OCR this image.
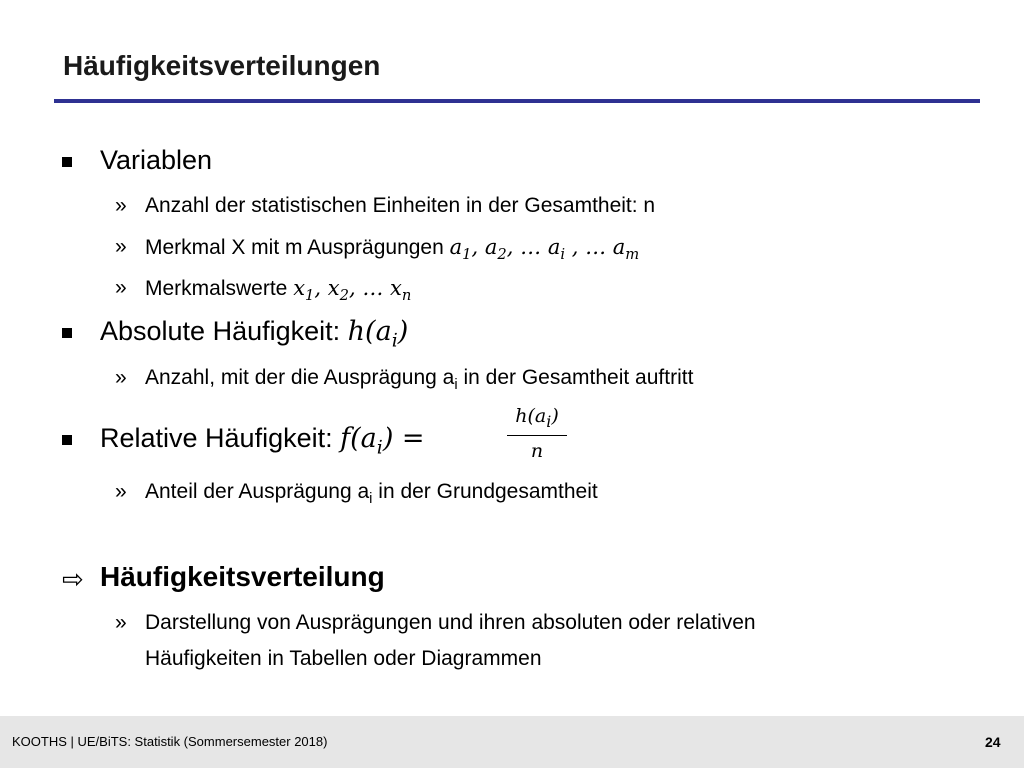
Häufigkeitsverteilungen
Variablen
» Anzahl der statistischen Einheiten in der Gesamtheit: n
» Merkmal X mit m Ausprägungen $a_1$, $a_2$, … $a_i$ , … $a_m$
» Merkmalswerte $x_1$, $x_2$, … $x_n$
Absolute Häufigkeit: $h(a_i)$
» Anzahl, mit der die Ausprägung $a_i$ in der Gesamtheit auftritt
Relative Häufigkeit: $f(a_i)$ =	$\frac{h(a_i)}{n}$
» Anteil der Ausprägung $a_i$ in der Grundgesamtheit
⇨ Häufigkeitsverteilung
» Darstellung von Ausprägungen und ihren absoluten oder relativen
Häufigkeiten in Tabellen oder Diagrammen
KOOTHS | UE/BiTS: Statistik (Sommersemester 2018)	24
